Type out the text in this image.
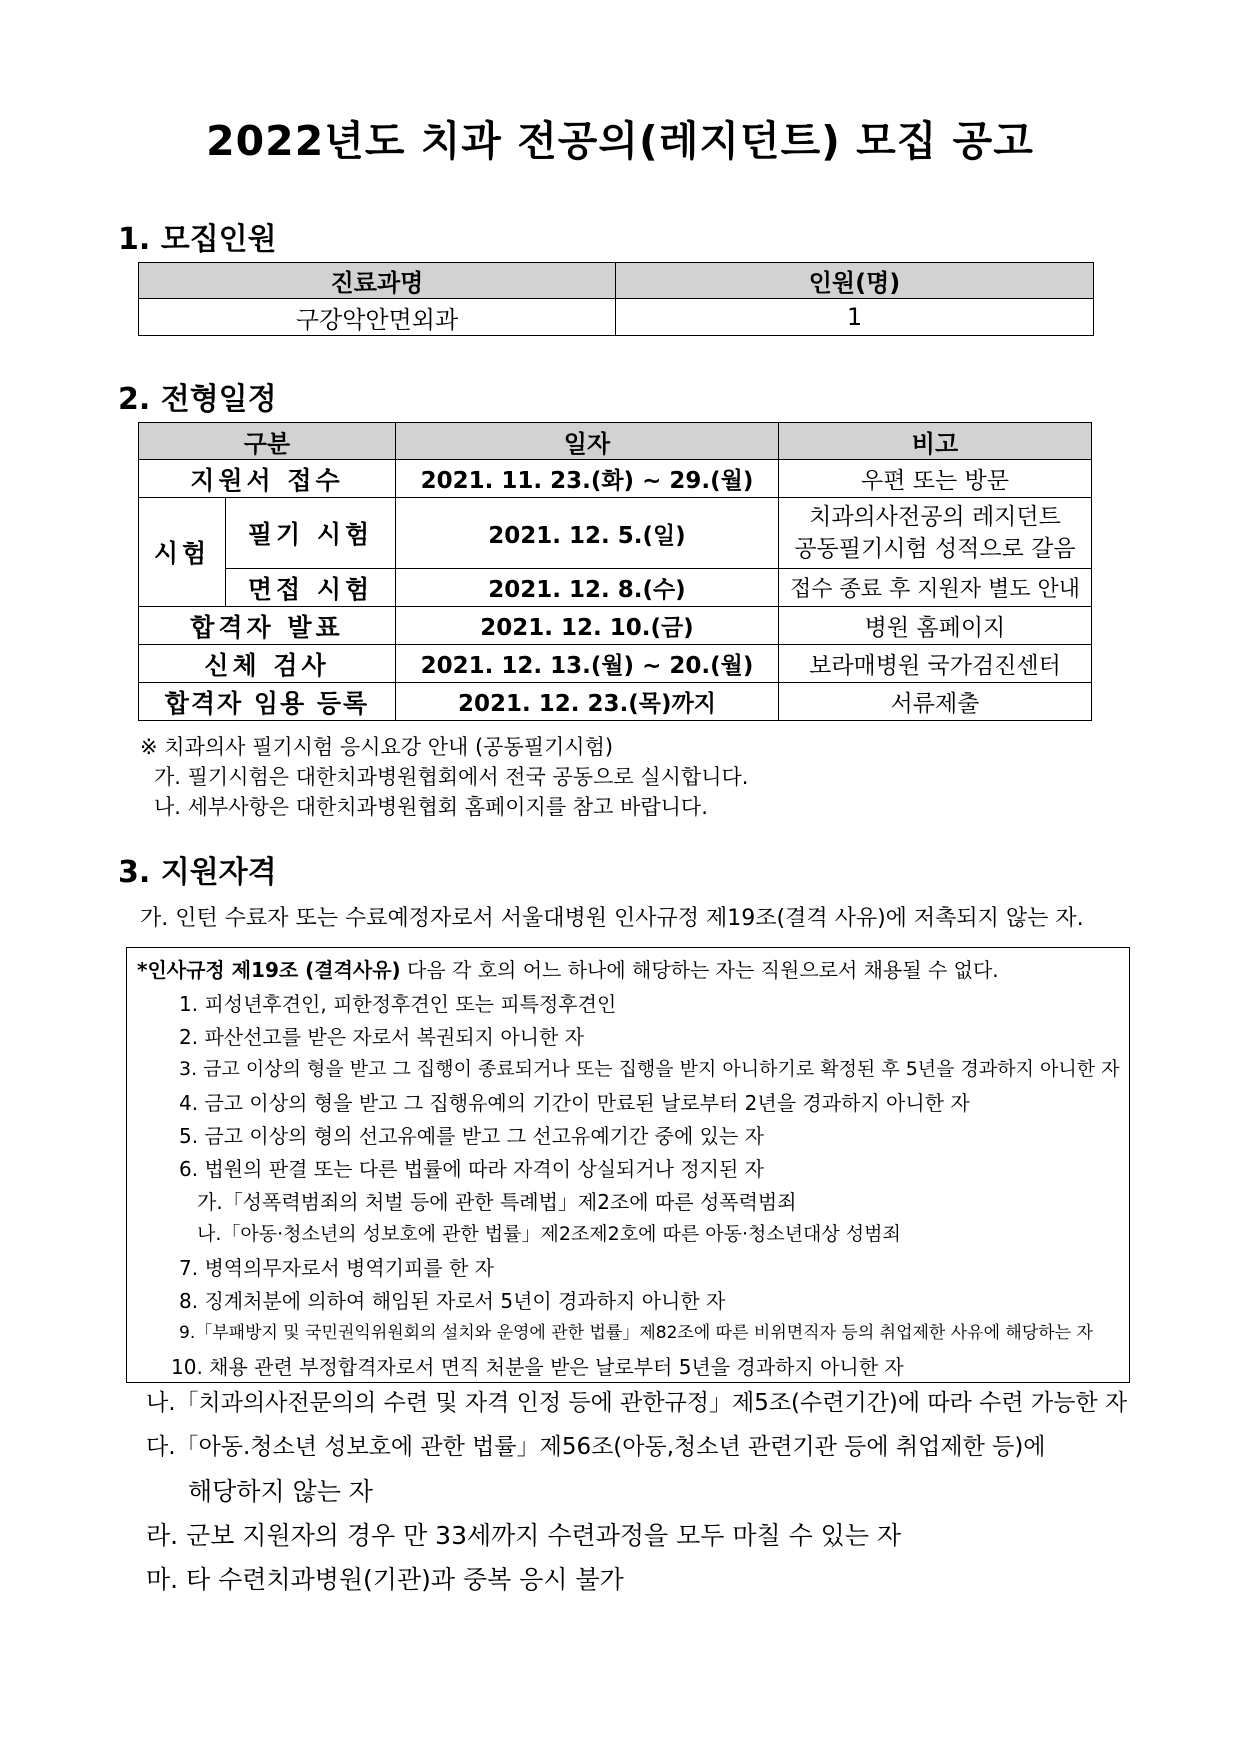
2022년도 치과 전공의(레지던트) 모집 공고
1. 모집인원
진료과명	인원(명)
구강악안면외과	1
2. 전형일정
구분		일자	비고
지원서 접수		2021. 11. 23.(화) ~ 29.(월)	우편 또는 방문
시험	필기 시험	2021. 12. 5.(일)	치과의사전공의 레지던트
공동필기시험 성적으로 갈음

	면접 시험	2021. 12. 8.(수)	접수 종료 후 지원자 별도 안내
합격자 발표		2021. 12. 10.(금)	병원 홈페이지
신체 검사		2021. 12. 13.(월) ~ 20.(월)	보라매병원 국가검진센터
합격자 임용 등록		2021. 12. 23.(목)까지	서류제출
※ 치과의사 필기시험 응시요강 안내 (공동필기시험)
가. 필기시험은 대한치과병원협회에서 전국 공동으로 실시합니다.
나. 세부사항은 대한치과병원협회 홈페이지를 참고 바랍니다.
3. 지원자격
가. 인턴 수료자 또는 수료예정자로서 서울대병원 인사규정 제19조(결격 사유)에 저촉되지 않는 자.
*인사규정 제19조 (결격사유) 다음 각 호의 어느 하나에 해당하는 자는 직원으로서 채용될 수 없다.
1. 피성년후견인, 피한정후견인 또는 피특정후견인
2. 파산선고를 받은 자로서 복권되지 아니한 자
3. 금고 이상의 형을 받고 그 집행이 종료되거나 또는 집행을 받지 아니하기로 확정된 후 5년을 경과하지 아니한 자
4. 금고 이상의 형을 받고 그 집행유예의 기간이 만료된 날로부터 2년을 경과하지 아니한 자
5. 금고 이상의 형의 선고유예를 받고 그 선고유예기간 중에 있는 자
6. 법원의 판결 또는 다른 법률에 따라 자격이 상실되거나 정지된 자
가.「성폭력범죄의 처벌 등에 관한 특례법」제2조에 따른 성폭력범죄
나.「아동·청소년의 성보호에 관한 법률」제2조제2호에 따른 아동·청소년대상 성범죄
7. 병역의무자로서 병역기피를 한 자
8. 징계처분에 의하여 해임된 자로서 5년이 경과하지 아니한 자
9.「부패방지 및 국민권익위원회의 설치와 운영에 관한 법률」제82조에 따른 비위면직자 등의 취업제한 사유에 해당하는 자
10. 채용 관련 부정합격자로서 면직 처분을 받은 날로부터 5년을 경과하지 아니한 자
나.「치과의사전문의의 수련 및 자격 인정 등에 관한규정」제5조(수련기간)에 따라 수련 가능한 자
다.「아동.청소년 성보호에 관한 법률」제56조(아동,청소년 관련기관 등에 취업제한 등)에
해당하지 않는 자
라. 군보 지원자의 경우 만 33세까지 수련과정을 모두 마칠 수 있는 자
마. 타 수련치과병원(기관)과 중복 응시 불가
